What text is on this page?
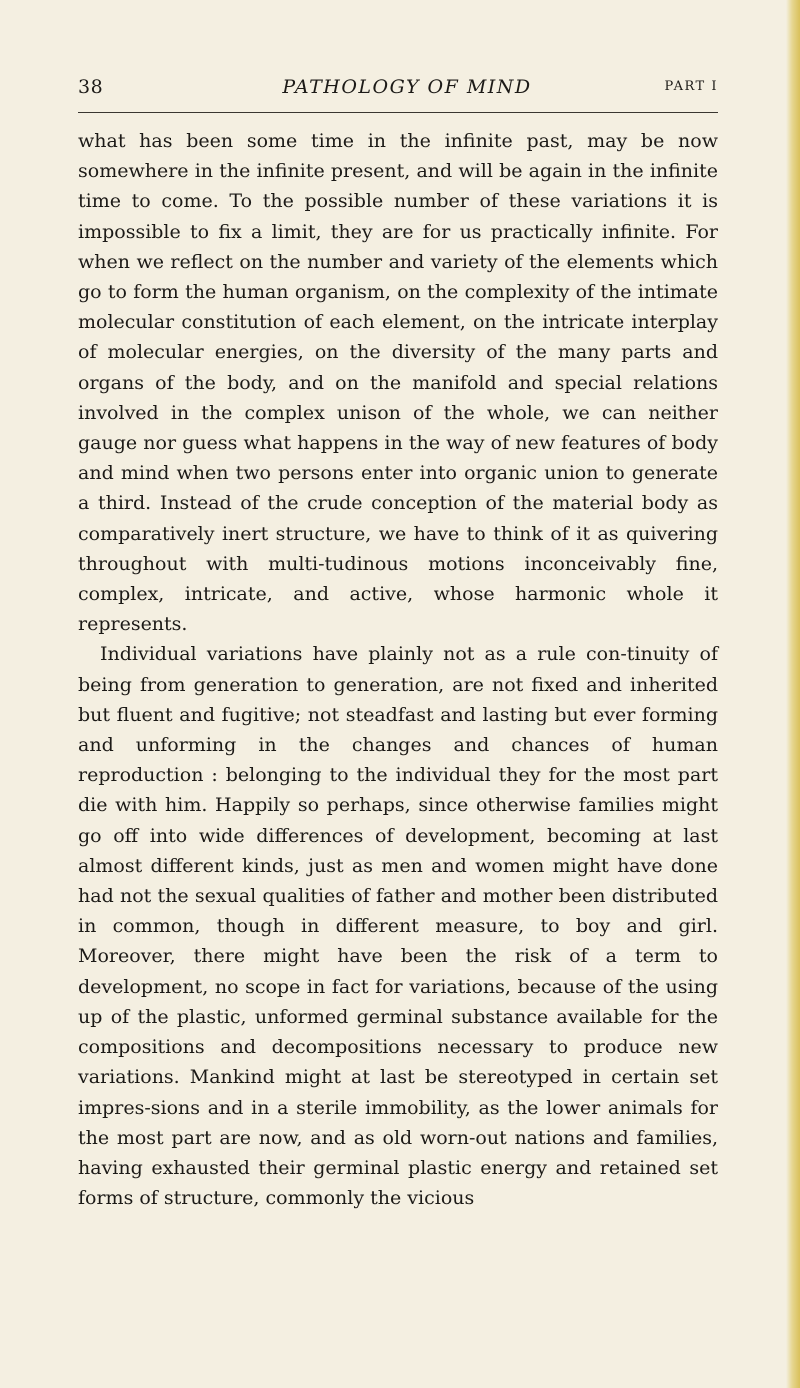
38	PATHOLOGY OF MIND	PART I

what has been some time in the infinite past, may be now somewhere in the infinite present, and will be again in the infinite time to come. To the possible number of these variations it is impossible to fix a limit, they are for us practically infinite. For when we reflect on the number and variety of the elements which go to form the human organism, on the complexity of the intimate molecular constitution of each element, on the intricate interplay of molecular energies, on the diversity of the many parts and organs of the body, and on the manifold and special relations involved in the complex unison of the whole, we can neither gauge nor guess what happens in the way of new features of body and mind when two persons enter into organic union to generate a third. Instead of the crude conception of the material body as comparatively inert structure, we have to think of it as quivering throughout with multi-tudinous motions inconceivably fine, complex, intricate, and active, whose harmonic whole it represents.

Individual variations have plainly not as a rule con-tinuity of being from generation to generation, are not fixed and inherited but fluent and fugitive; not steadfast and lasting but ever forming and unforming in the changes and chances of human reproduction : belonging to the individual they for the most part die with him. Happily so perhaps, since otherwise families might go off into wide differences of development, becoming at last almost different kinds, just as men and women might have done had not the sexual qualities of father and mother been distributed in common, though in different measure, to boy and girl. Moreover, there might have been the risk of a term to development, no scope in fact for variations, because of the using up of the plastic, unformed germinal substance available for the compositions and decompositions necessary to produce new variations. Mankind might at last be stereotyped in certain set impres-sions and in a sterile immobility, as the lower animals for the most part are now, and as old worn-out nations and families, having exhausted their germinal plastic energy and retained set forms of structure, commonly the vicious
